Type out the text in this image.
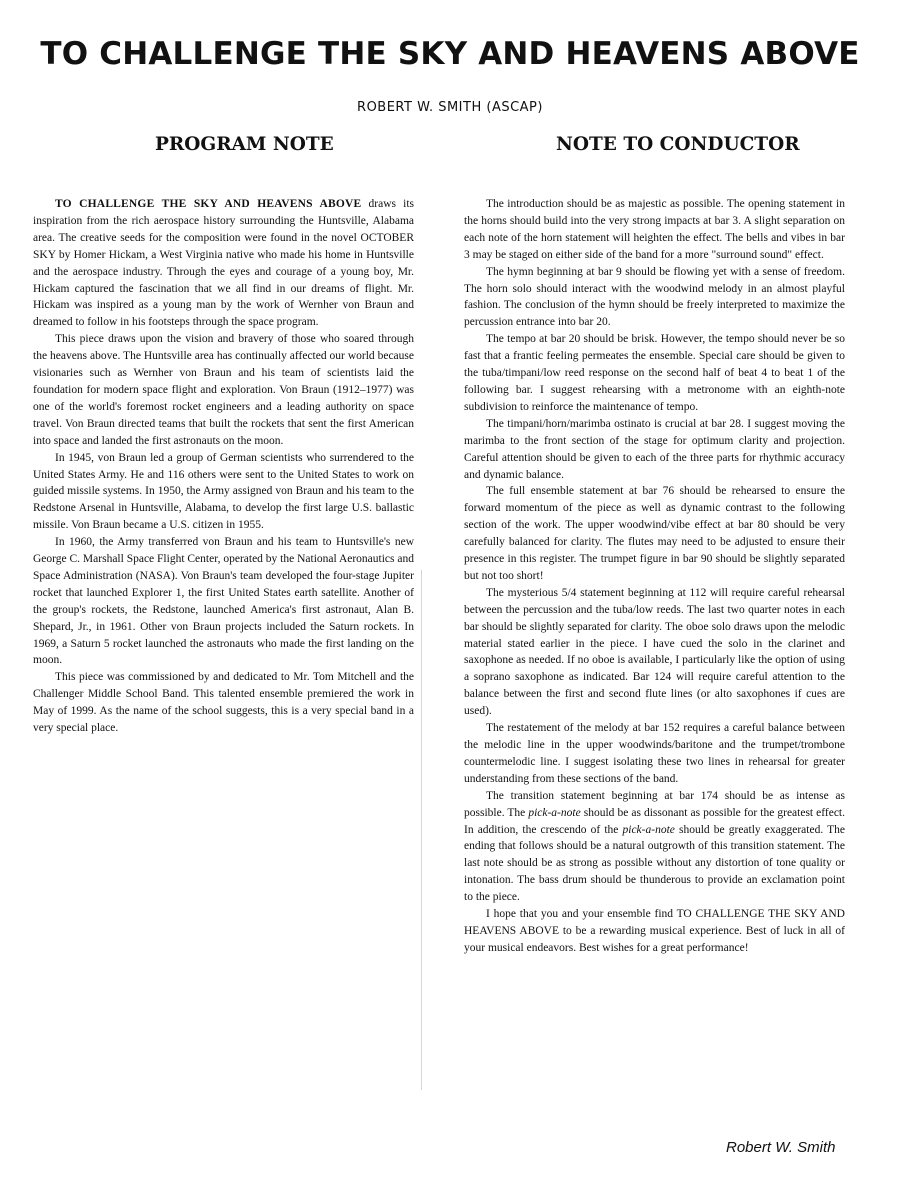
TO CHALLENGE THE SKY AND HEAVENS ABOVE

ROBERT W. SMITH (ASCAP)

PROGRAM NOTE	NOTE TO CONDUCTOR

TO CHALLENGE THE SKY AND HEAVENS ABOVE draws its inspiration from the rich aerospace history surrounding the Huntsville, Alabama area. The creative seeds for the composition were found in the novel OCTOBER SKY by Homer Hickam, a West Virginia native who made his home in Huntsville and the aerospace industry. Through the eyes and courage of a young boy, Mr. Hickam captured the fascination that we all find in our dreams of flight. Mr. Hickam was inspired as a young man by the work of Wernher von Braun and dreamed to follow in his footsteps through the space program.

This piece draws upon the vision and bravery of those who soared through the heavens above. The Huntsville area has continually affected our world because visionaries such as Wernher von Braun and his team of scientists laid the foundation for modern space flight and exploration. Von Braun (1912–1977) was one of the world's foremost rocket engineers and a leading authority on space travel. Von Braun directed teams that built the rockets that sent the first American into space and landed the first astronauts on the moon.

In 1945, von Braun led a group of German scientists who surrendered to the United States Army. He and 116 others were sent to the United States to work on guided missile systems. In 1950, the Army assigned von Braun and his team to the Redstone Arsenal in Huntsville, Alabama, to develop the first large U.S. ballastic missile. Von Braun became a U.S. citizen in 1955.

In 1960, the Army transferred von Braun and his team to Huntsville's new George C. Marshall Space Flight Center, operated by the National Aeronautics and Space Administration (NASA). Von Braun's team developed the four-stage Jupiter rocket that launched Explorer 1, the first United States earth satellite. Another of the group's rockets, the Redstone, launched America's first astronaut, Alan B. Shepard, Jr., in 1961. Other von Braun projects included the Saturn rockets. In 1969, a Saturn 5 rocket launched the astronauts who made the first landing on the moon.

This piece was commissioned by and dedicated to Mr. Tom Mitchell and the Challenger Middle School Band. This talented ensemble premiered the work in May of 1999. As the name of the school suggests, this is a very special band in a very special place.

The introduction should be as majestic as possible. The opening statement in the horns should build into the very strong impacts at bar 3. A slight separation on each note of the horn statement will heighten the effect. The bells and vibes in bar 3 may be staged on either side of the band for a more "surround sound" effect.

The hymn beginning at bar 9 should be flowing yet with a sense of freedom. The horn solo should interact with the woodwind melody in an almost playful fashion. The conclusion of the hymn should be freely interpreted to maximize the percussion entrance into bar 20.

The tempo at bar 20 should be brisk. However, the tempo should never be so fast that a frantic feeling permeates the ensemble. Special care should be given to the tuba/timpani/low reed response on the second half of beat 4 to beat 1 of the following bar. I suggest rehearsing with a metronome with an eighth-note subdivision to reinforce the maintenance of tempo.

The timpani/horn/marimba ostinato is crucial at bar 28. I suggest moving the marimba to the front section of the stage for optimum clarity and projection. Careful attention should be given to each of the three parts for rhythmic accuracy and dynamic balance.

The full ensemble statement at bar 76 should be rehearsed to ensure the forward momentum of the piece as well as dynamic contrast to the following section of the work. The upper woodwind/vibe effect at bar 80 should be very carefully balanced for clarity. The flutes may need to be adjusted to ensure their presence in this register. The trumpet figure in bar 90 should be slightly separated but not too short!

The mysterious 5/4 statement beginning at 112 will require careful rehearsal between the percussion and the tuba/low reeds. The last two quarter notes in each bar should be slightly separated for clarity. The oboe solo draws upon the melodic material stated earlier in the piece. I have cued the solo in the clarinet and saxophone as needed. If no oboe is available, I particularly like the option of using a soprano saxophone as indicated. Bar 124 will require careful attention to the balance between the first and second flute lines (or alto saxophones if cues are used).

The restatement of the melody at bar 152 requires a careful balance between the melodic line in the upper woodwinds/baritone and the trumpet/trombone countermelodic line. I suggest isolating these two lines in rehearsal for greater understanding from these sections of the band.

The transition statement beginning at bar 174 should be as intense as possible. The pick-a-note should be as dissonant as possible for the greatest effect. In addition, the crescendo of the pick-a-note should be greatly exaggerated. The ending that follows should be a natural outgrowth of this transition statement. The last note should be as strong as possible without any distortion of tone quality or intonation. The bass drum should be thunderous to provide an exclamation point to the piece.

I hope that you and your ensemble find TO CHALLENGE THE SKY AND HEAVENS ABOVE to be a rewarding musical experience. Best of luck in all of your musical endeavors. Best wishes for a great performance!

Robert W. Smith
